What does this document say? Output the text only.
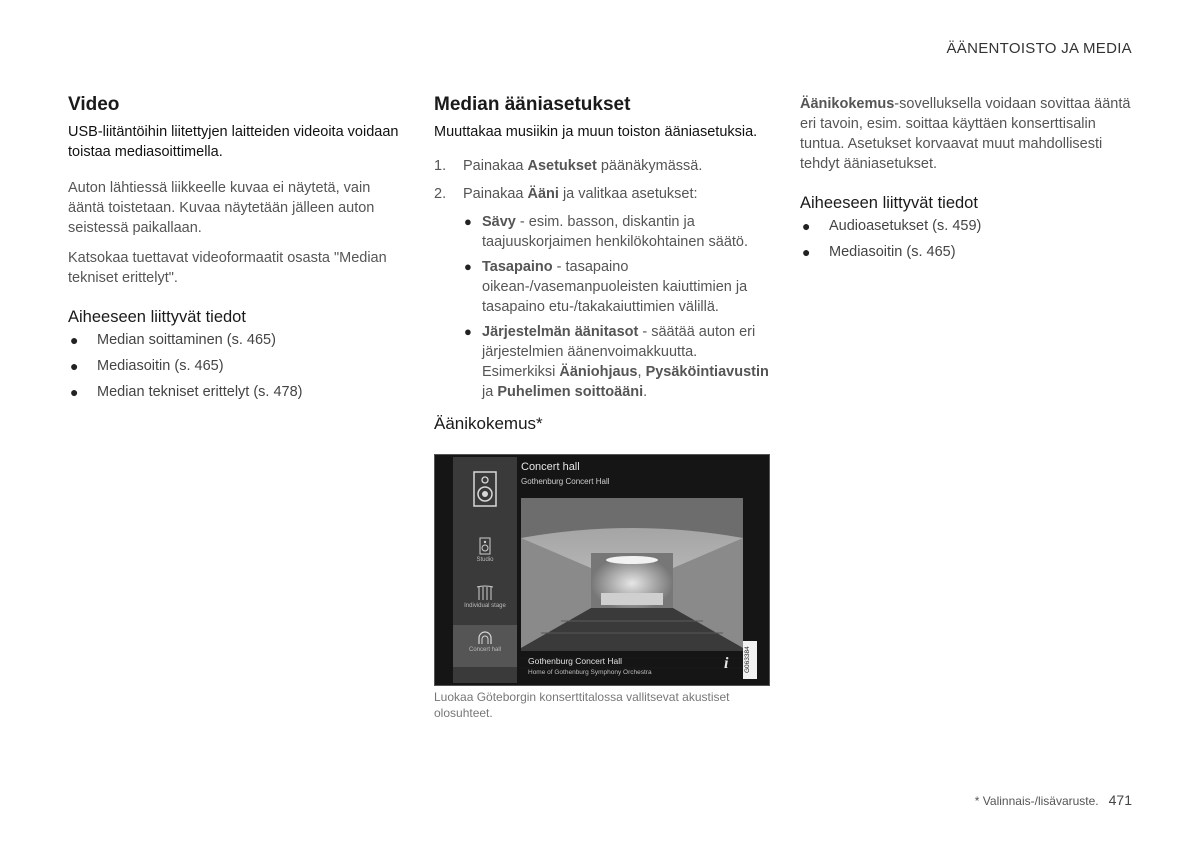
ÄÄNENTOISTO JA MEDIA
Video

USB-liitäntöihin liitettyjen laitteiden videoita voidaan toistaa mediasoittimella.

Auton lähtiessä liikkeelle kuvaa ei näytetä, vain ääntä toistetaan. Kuvaa näytetään jälleen auton seistessä paikallaan.

Katsokaa tuettavat videoformaatit osasta "Median tekniset erittelyt".

Aiheeseen liittyvät tiedot
● Median soittaminen (s. 465)
● Mediasoitin (s. 465)
● Median tekniset erittelyt (s. 478)
Median ääniasetukset

Muuttakaa musiikin ja muun toiston ääniasetuksia.

1. Painakaa Asetukset päänäkymässä.
2. Painakaa Ääni ja valitkaa asetukset:
● Sävy - esim. basson, diskantin ja taajuuskorjaimen henkilökohtainen säätö.
● Tasapaino - tasapaino oikean-/vasemanpuoleisten kaiuttimien ja tasapaino etu-/takakaiuttimien välillä.
● Järjestelmän äänitasot - säätää auton eri järjestelmien äänenvoimakkuutta. Esimerkiksi Ääniohjaus, Pysäköintiavustin ja Puhelimen soittoääni.
Äänikokemus*
Studio
Individual stage
Concert hall
Concert hall
Gothenburg Concert Hall
Gothenburg Concert Hall
Home of Gothenburg Symphony Orchestra
i G063384
Luokaa Göteborgin konserttitalossa vallitsevat akustiset olosuhteet.

Äänikokemus-sovelluksella voidaan sovittaa ääntä eri tavoin, esim. soittaa käyttäen konserttisalin tuntua. Asetukset korvaavat muut mahdollisesti tehdyt ääniasetukset.

Aiheeseen liittyvät tiedot
● Audioasetukset (s. 459)
● Mediasoitin (s. 465)
* Valinnais-/lisävaruste. 471
